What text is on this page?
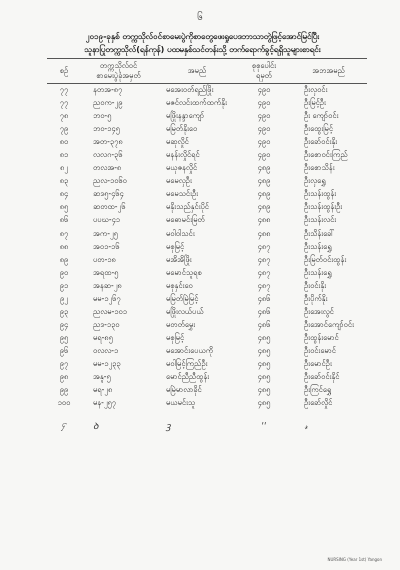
၆
၂၀၁၉-ခုနှစ် တက္ကသိုလ်ဝင်စာမေးပွဲကိုစာတွေဖေးရှုပေဒဘာသာတွဲဖြင့်အောင်မြင်ပြီး
သူနာပြုတက္ကသိုလ်(ရန်ကုန်) ပထမနှစ်သင်တန်းသို့ တက်ရောက်ခွင့်ရရှိသူများစာရင်း
စဉ်	တက္ကသိုလ်ဝင်
စာမေးပွဲခုံအမှတ်	အမည်	စုစုပေါင်း
ရမှတ်	အဘအမည်
၇၇	နတအ-၈၇	မအေးဝတ်ရည်ဖြိုး	၄၉၀	ဦးလှဝင်း
၇၇	ညဝက-၂၉	မဇင်လင်းထက်ထက်နိုး	၄၉၀	ဦးမြင့်ဦး
၇၈	ဘဝ-၅	မဖြိုးနန္ဒာကျော်	၄၉၀	ဦး ကျော်ဝင်း
၇၉	ဘဝ-၁၄၅	မမြတ်နိုးဝေ	၄၉၀	ဦးထွေးမြင့်
၈၀	အတ-၃၇၈	မဆုလှိုင်	၄၉၀	ဦးခော်ဝင်းနိုး
၈၁	လလဂ-၃၆	မနန်းလှိုင်ရင်	၄၉၀	ဦးစောဝင်းကြည်
၈၂	တလအ-၈	မယုဇနလှိုင်	၄၈၉	ဦးစောသိန်း
၈၃	ညလ-၁၀၆၀	မမေလှဦး	၄၈၉	ဦးလှရွှေ
၈၄	ဆဒ၅-၄၆၄	မမေသင်းဦး	၄၈၉	ဦးသန်းထွန်း
၈၅	ဆတထ-၂၆	မနိုးသည်နှင်းပိုင်	၄၈၉	ဦးသန်းထွန်းဦး
၈၆	ပပဃ-၄၁	မဓောမင်းမြတ်	၄၈၈	ဦးသန်းလင်း
၈၇	အက-၂၅	မဝါဝါသင်း	၄၈၈	ဦးသိန်းခေါ်
၈၈	အဝ၁-၁၆	မစုမြင့်	၄၈၇	ဦးသန်းရွှေ
၈၉	ပတ-၁၈	မအိအိဖြိုး	၄၈၇	ဦးမြတ်ဝင်းထွန်း
၉၀	အရထ-၅	မမောင်သူရစ	၄၈၇	ဦးသန်းရွှေ
၉၁	အနဆ-၂၈	မစုနှင်းဝေ	၄၈၇	ဦးဝင်းနိုး
၉၂	မမ-၁၂၆၇	မမြတ်မြဲမြင့်	၄၈၆	ဦးပိုက်နိုး
၉၃	ညလမ-၁၀၁	မဖြိုးလယ်ပယ်	၄၈၆	ဦးအေးလွင်
၉၄	ညဒ-၁၃၀	မတတ်မွှေး	၄၈၆	ဦးအောင်ကျော်ဝင်း
၉၅	မရ-၈၅	မစုမြင့်	၄၈၅	ဦးထွန်းမောင်
၉၆	ဝလလ-၁	မအောင်းပေယကို	၄၈၅	ဦးဝင်းမောင်
၉၇	မမ-၁၂၃၃	မဝါမြင့်ကြည်ဦး	၄၈၅	ဦးမောင်ဦး
၉၈	အနူ-၅	မောင်ညီညီထွန်း	၄၈၅	ဦးခော်ဝင်းနိုင်
၉၉	မရ-၂၈	မမြဲမာလာခိုင်	၄၈၅	ဦးကြင်ရွှေ
၁၀၀	မန-၂၅၇	မယမင်းသူ	၄၈၅	ဦးခော်လှိုင်
ႁ	ꝺ	ꝫ	ꞌꞌ	𝓇
NURSING (Year 1st) Yangon
